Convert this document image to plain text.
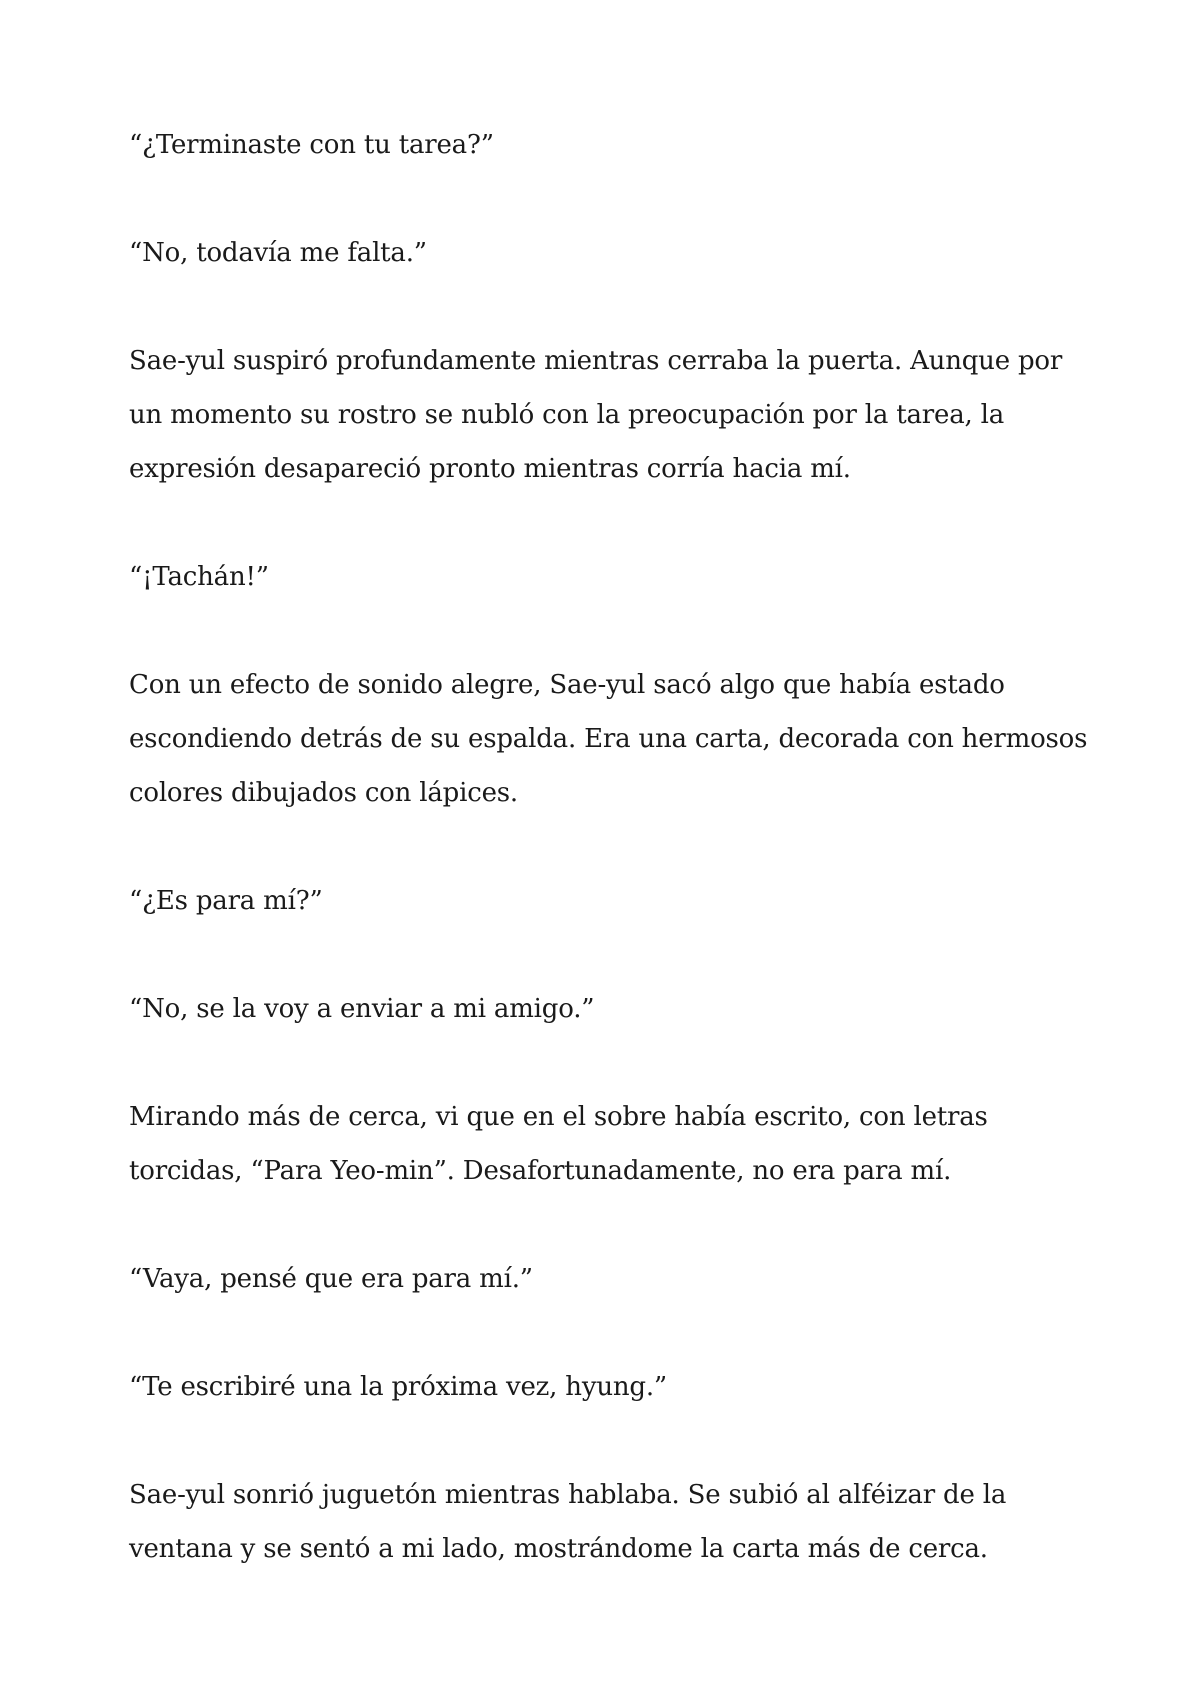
“¿Terminaste con tu tarea?”

“No, todavía me falta.”

Sae-yul suspiró profundamente mientras cerraba la puerta. Aunque por un momento su rostro se nubló con la preocupación por la tarea, la expresión desapareció pronto mientras corría hacia mí.

“¡Tachán!”

Con un efecto de sonido alegre, Sae-yul sacó algo que había estado escondiendo detrás de su espalda. Era una carta, decorada con hermosos colores dibujados con lápices.

“¿Es para mí?”

“No, se la voy a enviar a mi amigo.”

Mirando más de cerca, vi que en el sobre había escrito, con letras torcidas, “Para Yeo-min”. Desafortunadamente, no era para mí.

“Vaya, pensé que era para mí.”

“Te escribiré una la próxima vez, hyung.”

Sae-yul sonrió juguetón mientras hablaba. Se subió al alféizar de la ventana y se sentó a mi lado, mostrándome la carta más de cerca.
